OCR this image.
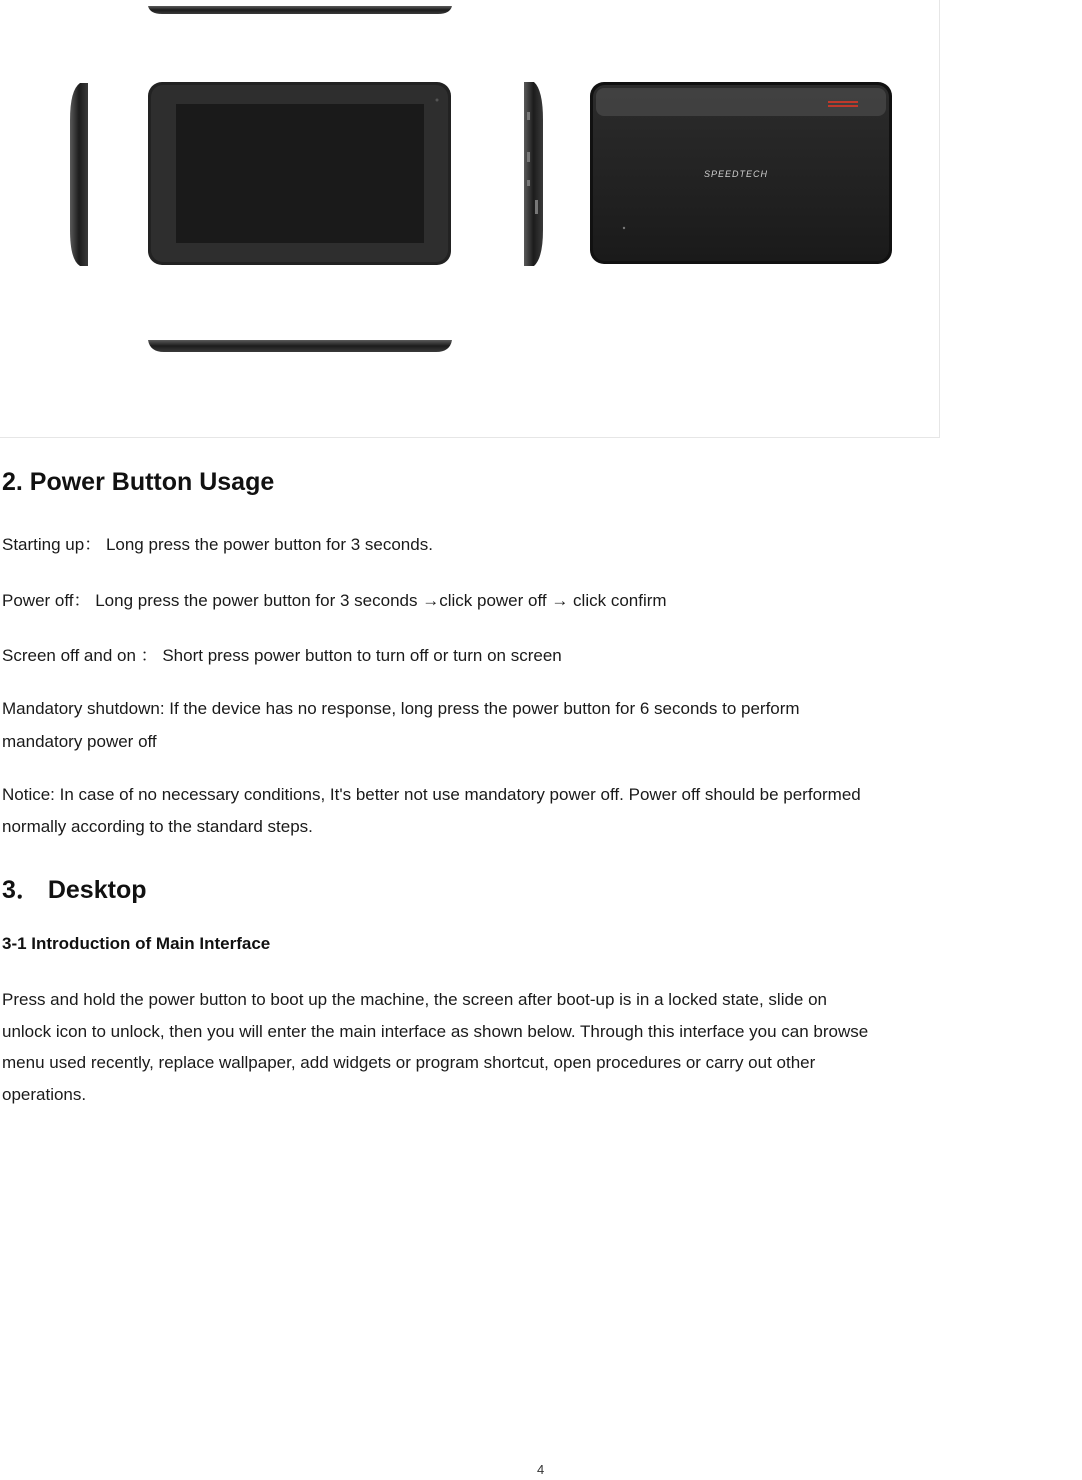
SPEEDTECH
2. Power Button Usage
Starting up： Long press the power button for 3 seconds.
Power off： Long press the power button for 3 seconds →click power off → click confirm
Screen off and on ： Short press power button to turn off or turn on screen
Mandatory shutdown: If the device has no response, long press the power button for 6 seconds to perform
mandatory power off
Notice: In case of no necessary conditions, It's better not use mandatory power off. Power off should be performed
normally according to the standard steps.
3． Desktop
3-1 Introduction of Main Interface
Press and hold the power button to boot up the machine, the screen after boot-up is in a locked state, slide on
unlock icon to unlock, then you will enter the main interface as shown below. Through this interface you can browse
menu used recently, replace wallpaper, add widgets or program shortcut, open procedures or carry out other
operations.
4
